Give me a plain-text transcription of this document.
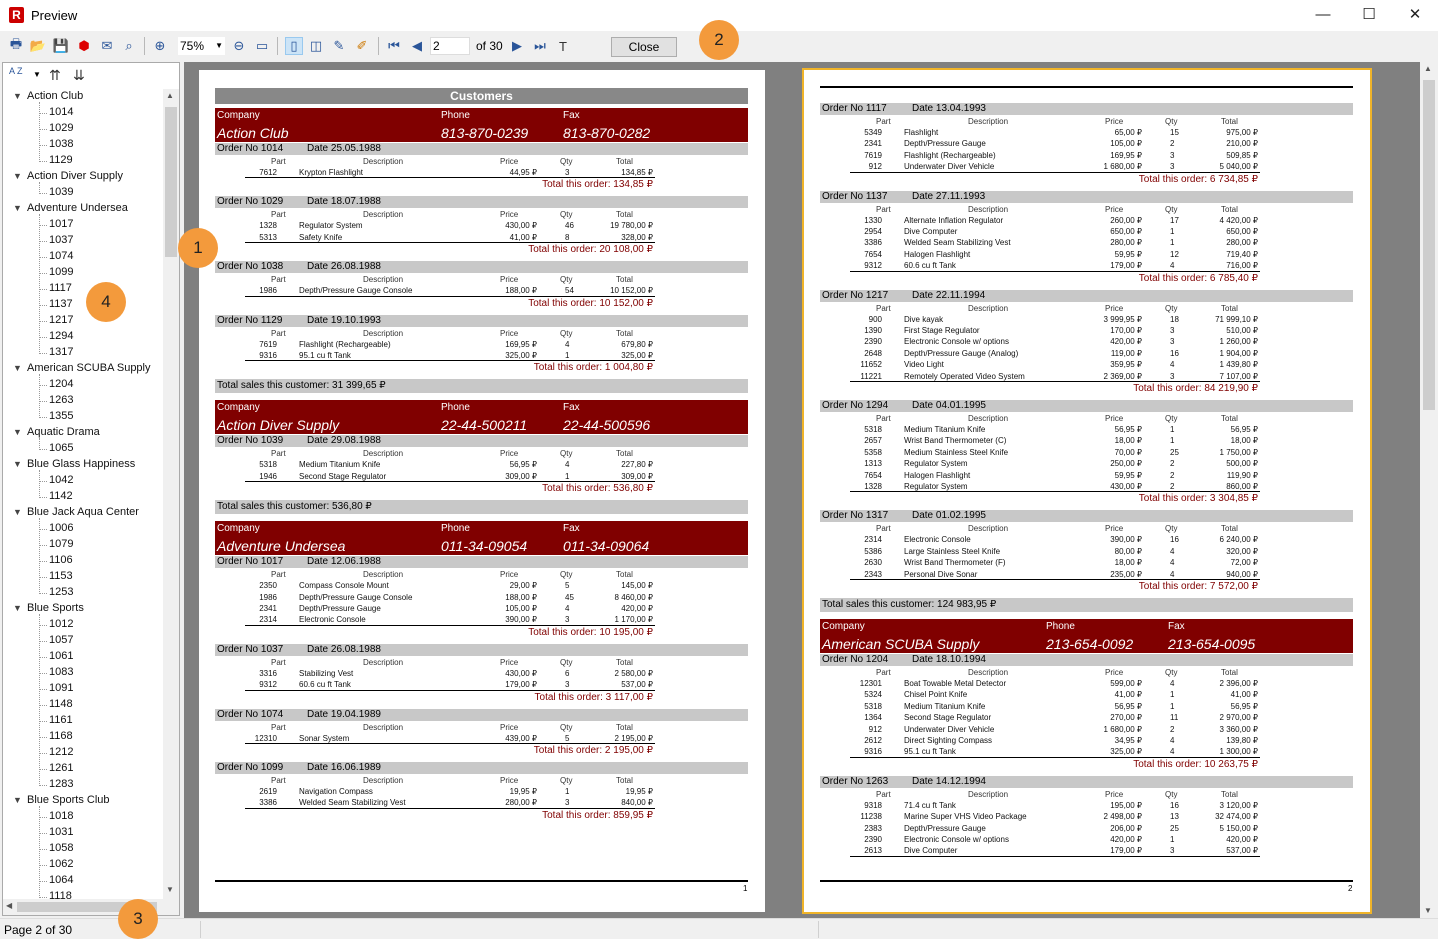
R Preview	—	☐	✕
🖶 📂 💾 ⬢ ✉ ⌕	⊕ 75% ▼ ⊖ ▭	▯ ◫ ✎ ✐ ⏮ ◀
2	of 30 ▶ ⏭	T	Close
A Z ▼ ⇈ ⇊
▼ Action Club
1014
1029
1038
1129
▼ Action Diver Supply
1039
▼ Adventure Undersea
1017
1037
1074
1099
1117
1137
1217
1294
1317
▼ American SCUBA Supply
1204
1263
1355
▼ Aquatic Drama
1065
▼ Blue Glass Happiness
1042
1142
▼ Blue Jack Aqua Center
1006
1079
1106
1153
1253
▼ Blue Sports
1012
1057
1061
1083
1091
1148
1161
1168
1212
1261
1283
▼ Blue Sports Club
1018
1031
1058
1062
1064
1118
▲
▼
◀
▲
▼
Customers
Company	Phone	Fax
Action Club	813-870-0239 813-870-0282
Order No 1014 Date 25.05.1988
Part	Description	Price	Qty	Total
7612	Krypton Flashlight	44,95 ₽	3	134,85 ₽
Total this order: 134,85 ₽
Order No 1029 Date 18.07.1988
Part	Description	Price	Qty	Total
1328	Regulator System	430,00 ₽	46	19 780,00 ₽
5313	Safety Knife	41,00 ₽	8	328,00 ₽
Total this order: 20 108,00 ₽
Order No 1038 Date 26.08.1988
Part	Description	Price	Qty	Total
1986	Depth/Pressure Gauge Console	188,00 ₽	54	10 152,00 ₽
Total this order: 10 152,00 ₽
Order No 1129 Date 19.10.1993
Part	Description	Price	Qty	Total
7619	Flashlight (Rechargeable)	169,95 ₽	4	679,80 ₽
9316	95.1 cu ft Tank	325,00 ₽	1	325,00 ₽
Total this order: 1 004,80 ₽
Total sales this customer: 31 399,65 ₽
Company	Phone	Fax
Action Diver Supply	22-44-500211	22-44-500596
Order No 1039 Date 29.08.1988
Part	Description	Price	Qty	Total
5318	Medium Titanium Knife	56,95 ₽	4	227,80 ₽
1946	Second Stage Regulator	309,00 ₽	1	309,00 ₽
Total this order: 536,80 ₽
Total sales this customer: 536,80 ₽
Company	Phone	Fax
Adventure Undersea	011-34-09054	011-34-09064
Order No 1017 Date 12.06.1988
Part	Description	Price	Qty	Total
2350	Compass Console Mount	29,00 ₽	5	145,00 ₽
1986	Depth/Pressure Gauge Console	188,00 ₽	45	8 460,00 ₽
2341	Depth/Pressure Gauge	105,00 ₽	4	420,00 ₽
2314	Electronic Console	390,00 ₽	3	1 170,00 ₽
Total this order: 10 195,00 ₽
Order No 1037 Date 26.08.1988
Part	Description	Price	Qty	Total
3316	Stabilizing Vest	430,00 ₽	6	2 580,00 ₽
9312	60.6 cu ft Tank	179,00 ₽	3	537,00 ₽
Total this order: 3 117,00 ₽
Order No 1074 Date 19.04.1989
Part	Description	Price	Qty	Total
12310	Sonar System	439,00 ₽	5	2 195,00 ₽
Total this order: 2 195,00 ₽
Order No 1099 Date 16.06.1989
Part	Description	Price	Qty	Total
2619	Navigation Compass	19,95 ₽	1	19,95 ₽
3386	Welded Seam Stabilizing Vest	280,00 ₽	3	840,00 ₽
Total this order: 859,95 ₽
1
Order No 1117	Date 13.04.1993
Part	Description	Price	Qty	Total
5349	Flashlight	65,00 ₽	15	975,00 ₽
2341	Depth/Pressure Gauge	105,00 ₽	2	210,00 ₽
7619	Flashlight (Rechargeable)	169,95 ₽	3	509,85 ₽
912	Underwater Diver Vehicle	1 680,00 ₽	3	5 040,00 ₽
Total this order: 6 734,85 ₽
Order No 1137 Date 27.11.1993
Part	Description	Price	Qty	Total
1330	Alternate Inflation Regulator	260,00 ₽	17	4 420,00 ₽
2954	Dive Computer	650,00 ₽	1	650,00 ₽
3386	Welded Seam Stabilizing Vest	280,00 ₽	1	280,00 ₽
7654	Halogen Flashlight	59,95 ₽	12	719,40 ₽
9312	60.6 cu ft Tank	179,00 ₽	4	716,00 ₽
Total this order: 6 785,40 ₽
Order No 1217 Date 22.11.1994
Part	Description	Price	Qty	Total
900	Dive kayak	3 999,95 ₽	18	71 999,10 ₽
1390	First Stage Regulator	170,00 ₽	3	510,00 ₽
2390	Electronic Console w/ options	420,00 ₽	3	1 260,00 ₽
2648	Depth/Pressure Gauge (Analog)	119,00 ₽	16	1 904,00 ₽
11652	Video Light	359,95 ₽	4	1 439,80 ₽
11221	Remotely Operated Video System	2 369,00 ₽	3	7 107,00 ₽
Total this order: 84 219,90 ₽
Order No 1294 Date 04.01.1995
Part	Description	Price	Qty	Total
5318	Medium Titanium Knife	56,95 ₽	1	56,95 ₽
2657	Wrist Band Thermometer (C)	18,00 ₽	1	18,00 ₽
5358	Medium Stainless Steel Knife	70,00 ₽	25	1 750,00 ₽
1313	Regulator System	250,00 ₽	2	500,00 ₽
7654	Halogen Flashlight	59,95 ₽	2	119,90 ₽
1328	Regulator System	430,00 ₽	2	860,00 ₽
Total this order: 3 304,85 ₽
Order No 1317 Date 01.02.1995
Part	Description	Price	Qty	Total
2314	Electronic Console	390,00 ₽	16	6 240,00 ₽
5386	Large Stainless Steel Knife	80,00 ₽	4	320,00 ₽
2630	Wrist Band Thermometer (F)	18,00 ₽	4	72,00 ₽
2343	Personal Dive Sonar	235,00 ₽	4	940,00 ₽
Total this order: 7 572,00 ₽
Total sales this customer: 124 983,95 ₽
Company	Phone	Fax
American SCUBA Supply	213-654-0092 213-654-0095
Order No 1204 Date 18.10.1994
Part	Description	Price	Qty	Total
12301	Boat Towable Metal Detector	599,00 ₽	4	2 396,00 ₽
5324	Chisel Point Knife	41,00 ₽	1	41,00 ₽
5318	Medium Titanium Knife	56,95 ₽	1	56,95 ₽
1364	Second Stage Regulator	270,00 ₽	11	2 970,00 ₽
912	Underwater Diver Vehicle	1 680,00 ₽	2	3 360,00 ₽
2612	Direct Sighting Compass	34,95 ₽	4	139,80 ₽
9316	95.1 cu ft Tank	325,00 ₽	4	1 300,00 ₽
Total this order: 10 263,75 ₽
Order No 1263 Date 14.12.1994
Part	Description	Price	Qty	Total
9318	71.4 cu ft Tank	195,00 ₽	16	3 120,00 ₽
11238	Marine Super VHS Video Package	2 498,00 ₽	13	32 474,00 ₽
2383	Depth/Pressure Gauge	206,00 ₽	25	5 150,00 ₽
2390	Electronic Console w/ options	420,00 ₽	1	420,00 ₽
2613	Dive Computer	179,00 ₽	3	537,00 ₽
2
Page 2 of 30
1
2
3
4
